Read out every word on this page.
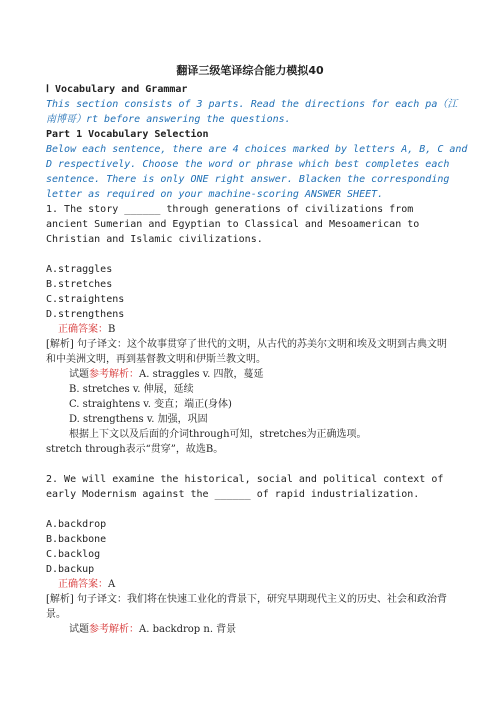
翻译三级笔译综合能力模拟40
Ⅰ Vocabulary and Grammar
This section consists of 3 parts. Read the directions for each pa（江南博哥）rt before answering the questions.
Part 1 Vocabulary Selection
Below each sentence, there are 4 choices marked by letters A, B, C and D respectively. Choose the word or phrase which best completes each sentence. There is only ONE right answer. Blacken the corresponding letter as required on your machine-scoring ANSWER SHEET.
1. The story ______ through generations of civilizations from ancient Sumerian and Egyptian to Classical and Mesoamerican to Christian and Islamic civilizations.
A.straggles
B.stretches
C.straightens
D.strengthens
正确答案：B
[解析] 句子译文：这个故事贯穿了世代的文明，从古代的苏美尔文明和埃及文明到古典文明和中美洲文明，再到基督教文明和伊斯兰教文明。
试题参考解析：A. straggles v. 四散，蔓延
B. stretches v. 伸展，延续
C. straightens v. 变直；端正(身体)
D. strengthens v. 加强，巩固
根据上下文以及后面的介词through可知，stretches为正确选项。
stretch through表示“贯穿”，故选B。
2. We will examine the historical, social and political context of early Modernism against the ______ of rapid industrialization.
A.backdrop
B.backbone
C.backlog
D.backup
正确答案：A
[解析] 句子译文：我们将在快速工业化的背景下，研究早期现代主义的历史、社会和政治背景。
试题参考解析：A. backdrop n. 背景
